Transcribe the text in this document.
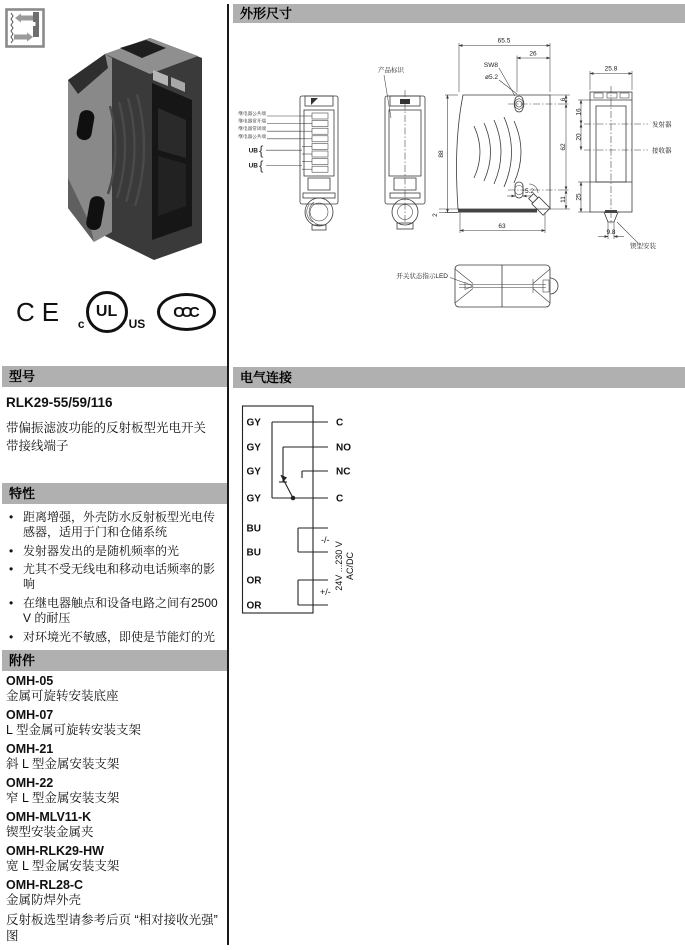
CE c
UL
US
CCC
型号
RLK29-55/59/116
带偏振滤波功能的反射板型光电开关
带接线端子
特性
• 距离增强，外壳防水反射板型光电传感器，适用于门和仓储系统
• 发射器发出的是随机频率的光
• 尤其不受无线电和移动电话频率的影响
• 在继电器触点和设备电路之间有2500 V 的耐压
• 对环境光不敏感，即使是节能灯的光
附件
OMH-05
金属可旋转安装底座
OMH-07
L 型金属可旋转安装支架
OMH-21
斜 L 型金属安装支架
OMH-22
窄 L 型金属安装支架
OMH-MLV11-K
锲型安装金属夹
OMH-RLK29-HW
宽 L 型金属安装支架
OMH-RL28-C
金属防焊外壳
反射板选型请参考后页 “相对接收光强” 图
外形尺寸
继电器公共端
继电器常开端
继电器常闭端
继电器公共端
UB {
UB {
产品标识
65.5
26
SW8
ø5.2
88
2
63
5.2
6
62
11
25.8
发射器
接收器
16
20
25
9.8
锲型安装
开关状态指示LED
电气连接
GY
GY
GY
GY
BU
BU
OR
OR
C
NO
NC
C
-/-
+/-
24V ...230 V AC/DC
